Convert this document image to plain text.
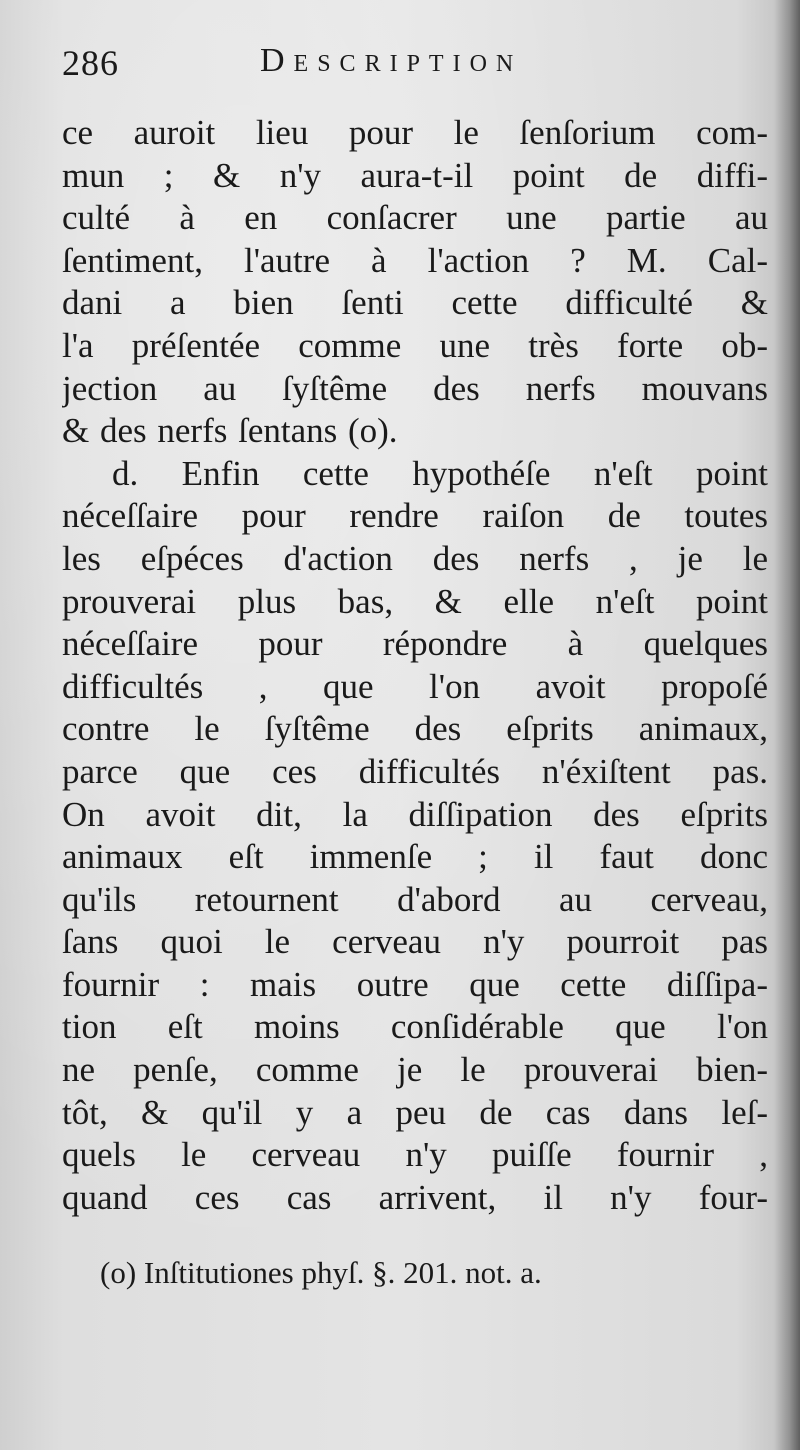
286	Description
ce auroit lieu pour le ſenſorium com-
mun ; & n'y aura-t-il point de diffi-
culté à en conſacrer une partie au
ſentiment, l'autre à l'action ? M. Cal-
dani a bien ſenti cette difficulté &
l'a préſentée comme une très forte ob-
jection au ſyſtême des nerfs mouvans
& des nerfs ſentans (o).
d. Enfin cette hypothéſe n'eſt point
néceſſaire pour rendre raiſon de toutes
les eſpéces d'action des nerfs , je le
prouverai plus bas, & elle n'eſt point
néceſſaire pour répondre à quelques
difficultés , que l'on avoit propoſé
contre le ſyſtême des eſprits animaux,
parce que ces difficultés n'éxiſtent pas.
On avoit dit, la diſſipation des eſprits
animaux eſt immenſe ; il faut donc
qu'ils retournent d'abord au cerveau,
ſans quoi le cerveau n'y pourroit pas
fournir : mais outre que cette diſſipa-
tion eſt moins conſidérable que l'on
ne penſe, comme je le prouverai bien-
tôt, & qu'il y a peu de cas dans leſ-
quels le cerveau n'y puiſſe fournir ,
quand ces cas arrivent, il n'y four-
(o) Inſtitutiones phyſ. §. 201. not. a.
